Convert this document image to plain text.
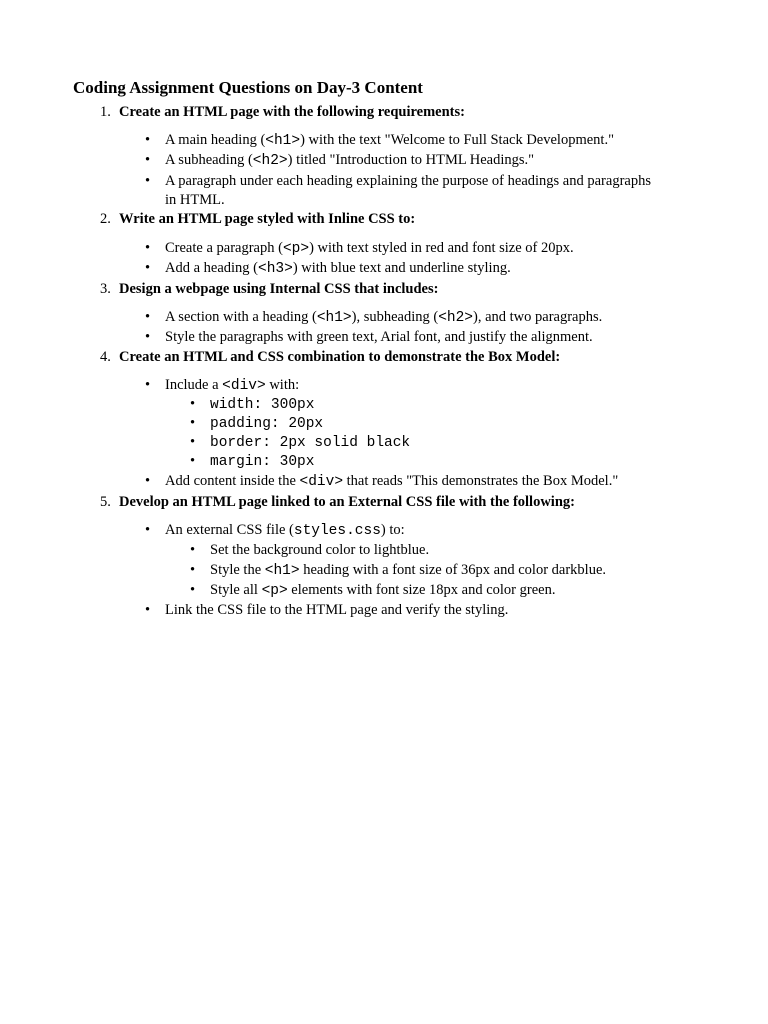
Coding Assignment Questions on Day-3 Content
1. Create an HTML page with the following requirements:
• A main heading (<h1>) with the text "Welcome to Full Stack Development."
• A subheading (<h2>) titled "Introduction to HTML Headings."
• A paragraph under each heading explaining the purpose of headings and paragraphs
in HTML.
2. Write an HTML page styled with Inline CSS to:
• Create a paragraph (<p>) with text styled in red and font size of 20px.
• Add a heading (<h3>) with blue text and underline styling.
3. Design a webpage using Internal CSS that includes:
• A section with a heading (<h1>), subheading (<h2>), and two paragraphs.
• Style the paragraphs with green text, Arial font, and justify the alignment.
4. Create an HTML and CSS combination to demonstrate the Box Model:
• Include a <div> with:
• width: 300px
• padding: 20px
• border: 2px solid black
• margin: 30px
• Add content inside the <div> that reads "This demonstrates the Box Model."
5. Develop an HTML page linked to an External CSS file with the following:
• An external CSS file (styles.css) to:
• Set the background color to lightblue.
• Style the <h1> heading with a font size of 36px and color darkblue.
• Style all <p> elements with font size 18px and color green.
• Link the CSS file to the HTML page and verify the styling.
